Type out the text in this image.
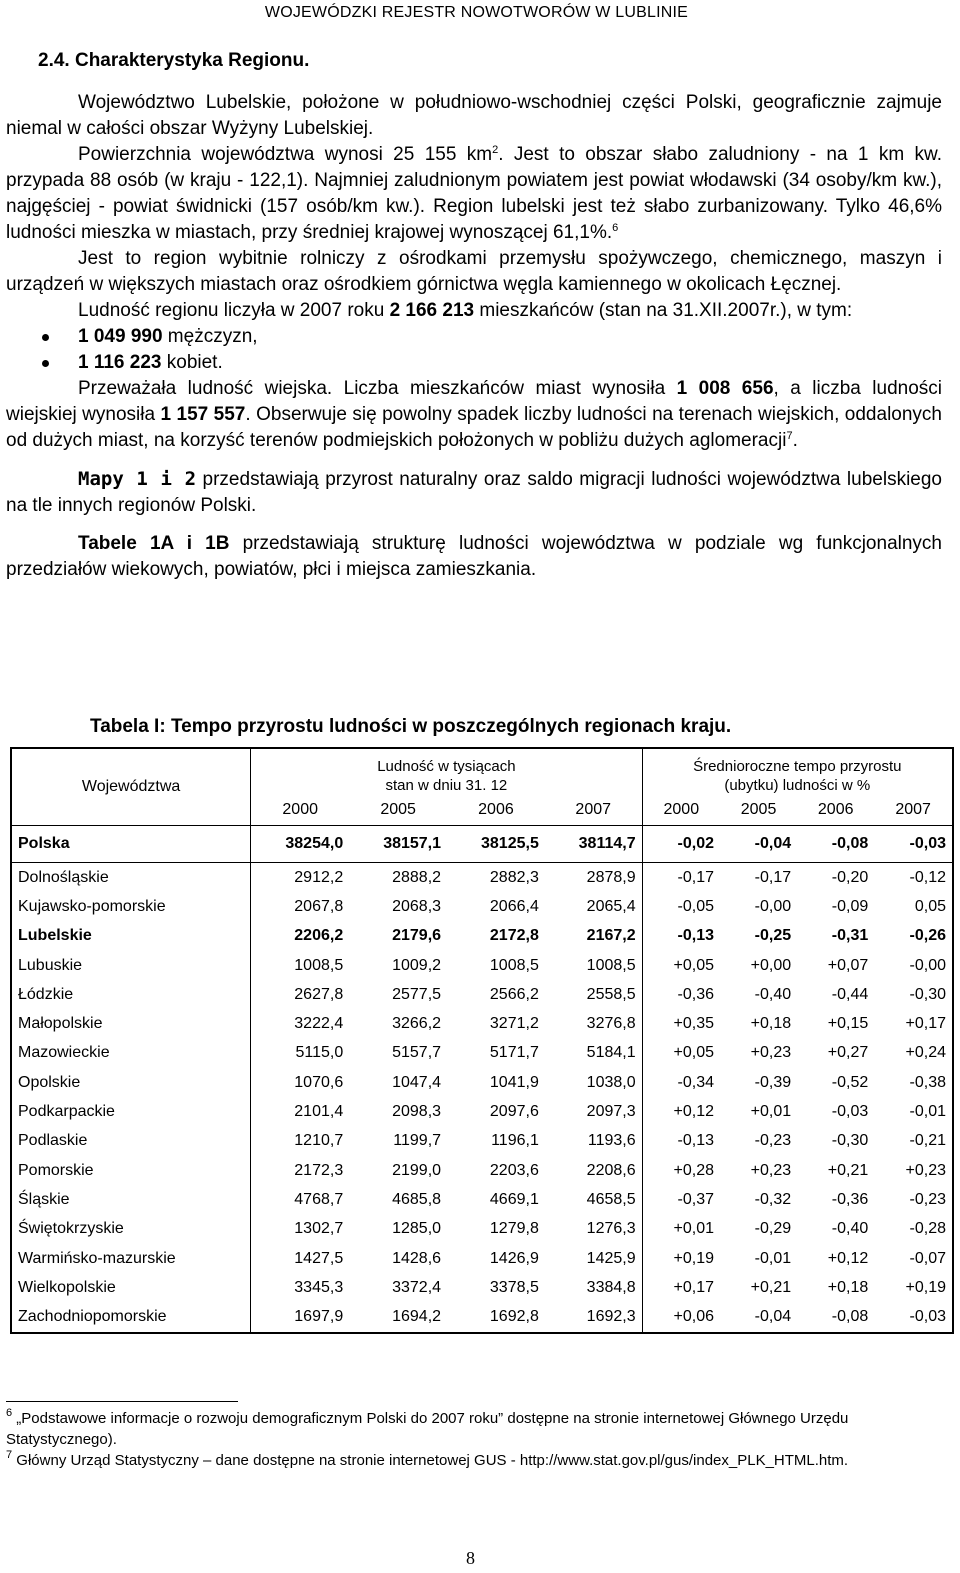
WOJEWÓDZKI REJESTR NOWOTWORÓW W LUBLINIE
2.4. Charakterystyka Regionu.

Województwo Lubelskie, położone w południowo-wschodniej części Polski, geograficznie zajmuje niemal w całości obszar Wyżyny Lubelskiej.

Powierzchnia województwa wynosi 25 155 $km^2$. Jest to obszar słabo zaludniony - na 1 km kw. przypada 88 osób (w kraju - 122,1). Najmniej zaludnionym powiatem jest powiat włodawski (34 osoby/km kw.), najgęściej - powiat świdnicki (157 osób/km kw.). Region lubelski jest też słabo zurbanizowany. Tylko 46,6% ludności mieszka w miastach, przy średniej krajowej wynoszącej 61,1%.$^6$

Jest to region wybitnie rolniczy z ośrodkami przemysłu spożywczego, chemicznego, maszyn i urządzeń w większych miastach oraz ośrodkiem górnictwa węgla kamiennego w okolicach Łęcznej.

Ludność regionu liczyła w 2007 roku 2 166 213 mieszkańców (stan na 31.XII.2007r.), w tym:

1 049 990 mężczyzn,
1 116 223 kobiet.

Przeważała ludność wiejska. Liczba mieszkańców miast wynosiła 1 008 656, a liczba ludności wiejskiej wynosiła 1 157 557. Obserwuje się powolny spadek liczby ludności na terenach wiejskich, oddalonych od dużych miast, na korzyść terenów podmiejskich położonych w pobliżu dużych aglomeracji$^7$.

Mapy 1 i 2 przedstawiają przyrost naturalny oraz saldo migracji ludności województwa lubelskiego na tle innych regionów Polski.

Tabele 1A i 1B przedstawiają strukturę ludności województwa w podziale wg funkcjonalnych przedziałów wiekowych, powiatów, płci i miejsca zamieszkania.

Tabela I: Tempo przyrostu ludności w poszczególnych regionach kraju.
Województwa	Ludność w tysiącach
stan w dniu 31. 12				Średnioroczne tempo przyrostu
(ubytku) ludności w %			
	2000	2005	2006	2007	2000	2005	2006	2007
Polska	38254,0	38157,1	38125,5	38114,7	-0,02	-0,04	-0,08	-0,03
Dolnośląskie	2912,2	2888,2	2882,3	2878,9	-0,17	-0,17	-0,20	-0,12
Kujawsko-pomorskie	2067,8	2068,3	2066,4	2065,4	-0,05	-0,00	-0,09	0,05
Lubelskie	2206,2	2179,6	2172,8	2167,2	-0,13	-0,25	-0,31	-0,26
Lubuskie	1008,5	1009,2	1008,5	1008,5	+0,05	+0,00	+0,07	-0,00
Łódzkie	2627,8	2577,5	2566,2	2558,5	-0,36	-0,40	-0,44	-0,30
Małopolskie	3222,4	3266,2	3271,2	3276,8	+0,35	+0,18	+0,15	+0,17
Mazowieckie	5115,0	5157,7	5171,7	5184,1	+0,05	+0,23	+0,27	+0,24
Opolskie	1070,6	1047,4	1041,9	1038,0	-0,34	-0,39	-0,52	-0,38
Podkarpackie	2101,4	2098,3	2097,6	2097,3	+0,12	+0,01	-0,03	-0,01
Podlaskie	1210,7	1199,7	1196,1	1193,6	-0,13	-0,23	-0,30	-0,21
Pomorskie	2172,3	2199,0	2203,6	2208,6	+0,28	+0,23	+0,21	+0,23
Śląskie	4768,7	4685,8	4669,1	4658,5	-0,37	-0,32	-0,36	-0,23
Świętokrzyskie	1302,7	1285,0	1279,8	1276,3	+0,01	-0,29	-0,40	-0,28
Warmińsko-mazurskie	1427,5	1428,6	1426,9	1425,9	+0,19	-0,01	+0,12	-0,07
Wielkopolskie	3345,3	3372,4	3378,5	3384,8	+0,17	+0,21	+0,18	+0,19
Zachodniopomorskie	1697,9	1694,2	1692,8	1692,3	+0,06	-0,04	-0,08	-0,03

$^6$ „Podstawowe informacje o rozwoju demograficznym Polski do 2007 roku” dostępne na stronie internetowej Głównego Urzędu Statystycznego).

$^7$ Główny Urząd Statystyczny – dane dostępne na stronie internetowej GUS - http://www.stat.gov.pl/gus/index_PLK_HTML.htm.

8
